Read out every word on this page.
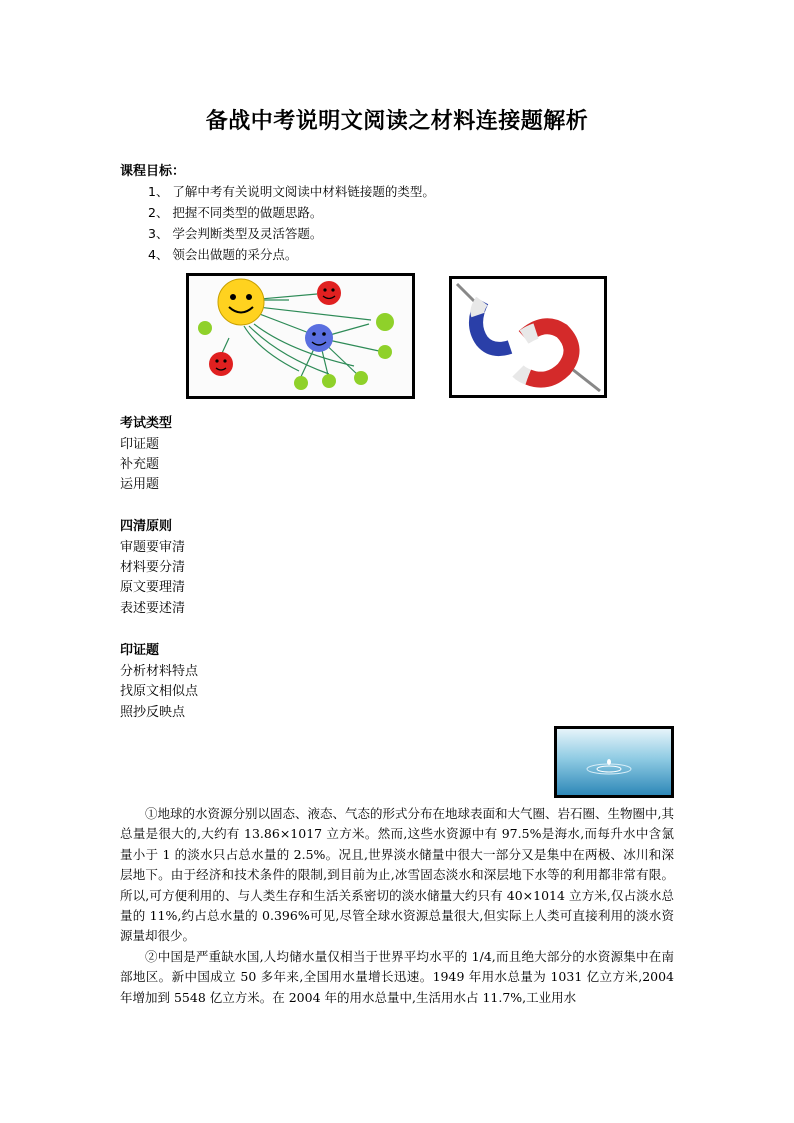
备战中考说明文阅读之材料连接题解析
课程目标：
1、 了解中考有关说明文阅读中材料链接题的类型。
2、 把握不同类型的做题思路。
3、 学会判断类型及灵活答题。
4、 领会出做题的采分点。
考试类型
印证题
补充题
运用题
四清原则
审题要审清
材料要分清
原文要理清
表述要述清
印证题
分析材料特点
找原文相似点
照抄反映点

①地球的水资源分别以固态、液态、气态的形式分布在地球表面和大气圈、岩石圈、生物圈中,其总量是很大的,大约有 13.86×1017 立方米。然而,这些水资源中有 97.5%是海水,而每升水中含氯量小于 1 的淡水只占总水量的 2.5%。况且,世界淡水储量中很大一部分又是集中在两极、冰川和深层地下。由于经济和技术条件的限制,到目前为止,冰雪固态淡水和深层地下水等的利用都非常有限。所以,可方便利用的、与人类生存和生活关系密切的淡水储量大约只有 40×1014 立方米,仅占淡水总量的 11%,约占总水量的 0.396%可见,尽管全球水资源总量很大,但实际上人类可直接利用的淡水资源量却很少。

②中国是严重缺水国,人均储水量仅相当于世界平均水平的 1/4,而且绝大部分的水资源集中在南部地区。新中国成立 50 多年来,全国用水量增长迅速。1949 年用水总量为 1031 亿立方米,2004 年增加到 5548 亿立方米。在 2004 年的用水总量中,生活用水占 11.7%,工业用水
